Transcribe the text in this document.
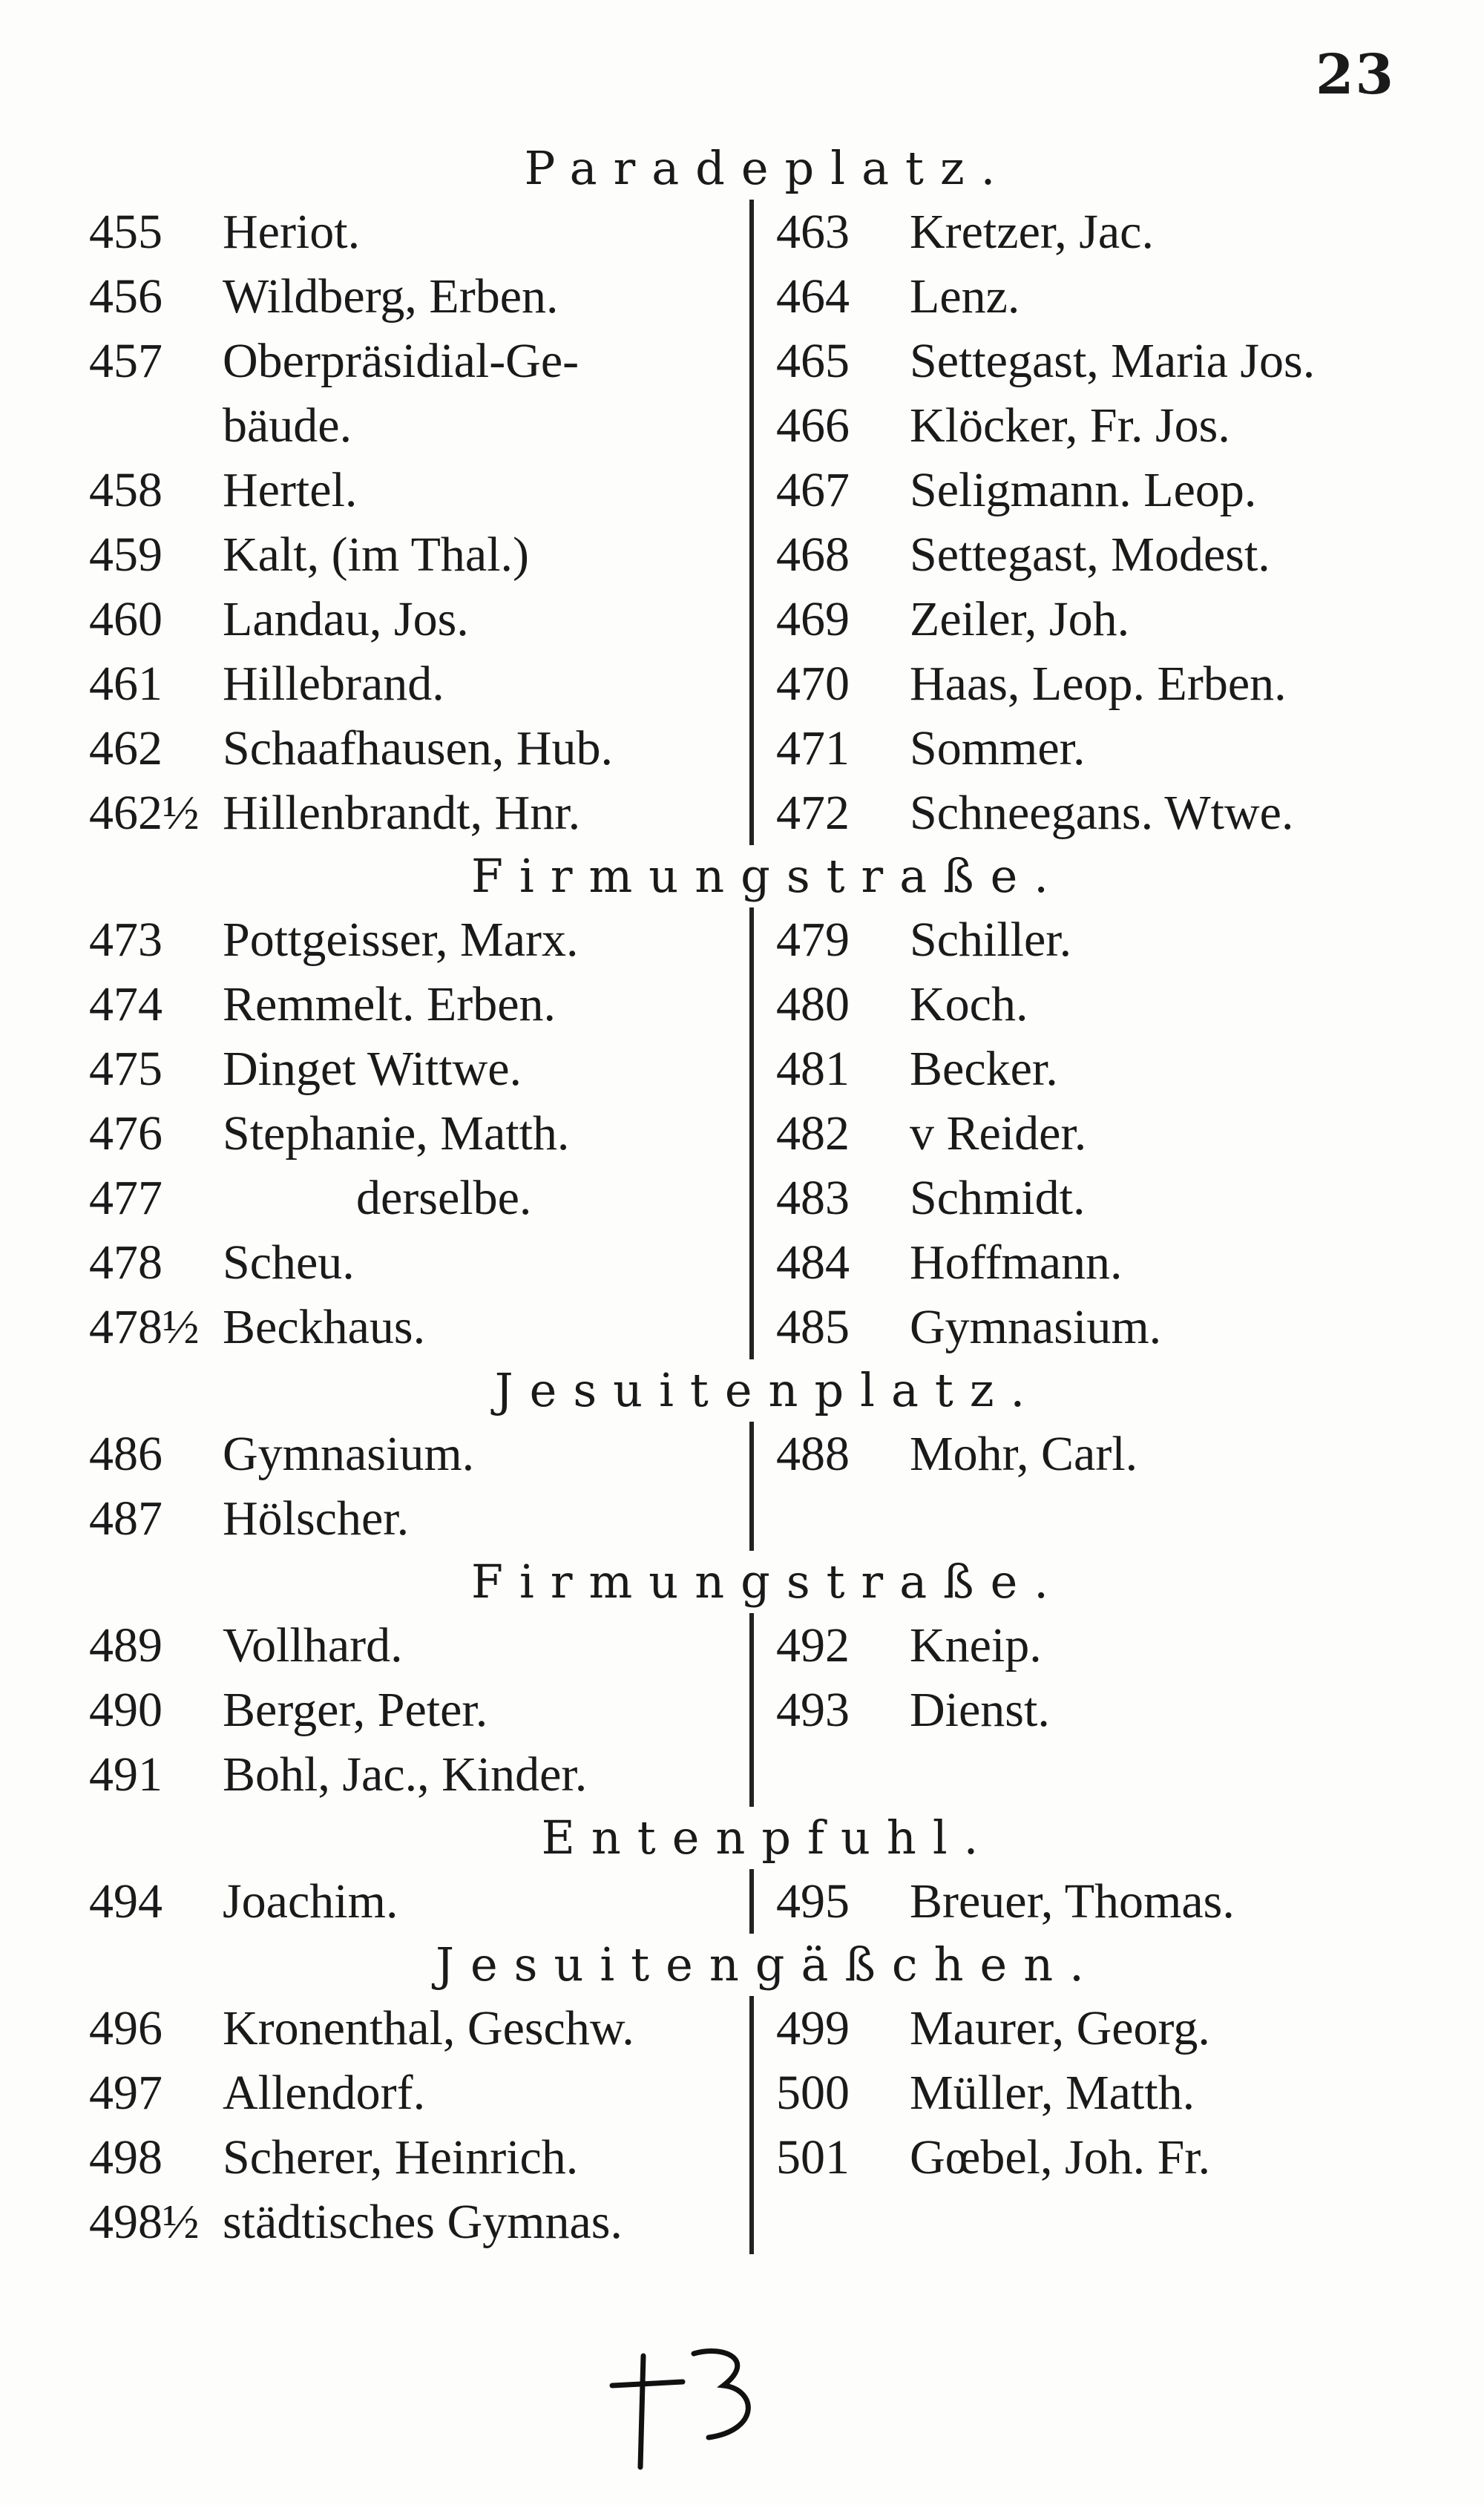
23
Paradeplatz.
455	Heriot.
456	Wildberg, Erben.
457	Oberpräsidial-Ge-
bäude.
458	Hertel.
459	Kalt, (im Thal.)
460	Landau, Jos.
461	Hillebrand.
462	Schaafhausen, Hub.
462½ Hillenbrandt, Hnr.
463	Kretzer, Jac.
464	Lenz.
465	Settegast, Maria Jos.
466	Klöcker, Fr. Jos.
467	Seligmann. Leop.
468	Settegast, Modest.
469	Zeiler, Joh.
470	Haas, Leop. Erben.
471	Sommer.
472	Schneegans. Wtwe.
Firmungstraße.
473	Pottgeisser, Marx.
474	Remmelt. Erben.
475	Dinget Wittwe.
476	Stephanie, Matth.
477	derselbe.
478	Scheu.
478½ Beckhaus.
479	Schiller.
480	Koch.
481	Becker.
482	v Reider.
483	Schmidt.
484	Hoffmann.
485	Gymnasium.
Jesuitenplatz.
486	Gymnasium.
487	Hölscher.
488	Mohr, Carl.
Firmungstraße.
489	Vollhard.
490	Berger, Peter.
491	Bohl, Jac., Kinder.
492	Kneip.
493	Dienst.
Entenpfuhl.
494	Joachim.	495	Breuer, Thomas.
Jesuitengäßchen.
496	Kronenthal, Geschw.
497	Allendorf.
498	Scherer, Heinrich.
498½ städtisches Gymnas.
499	Maurer, Georg.
500	Müller, Matth.
501	Gœbel, Joh. Fr.
